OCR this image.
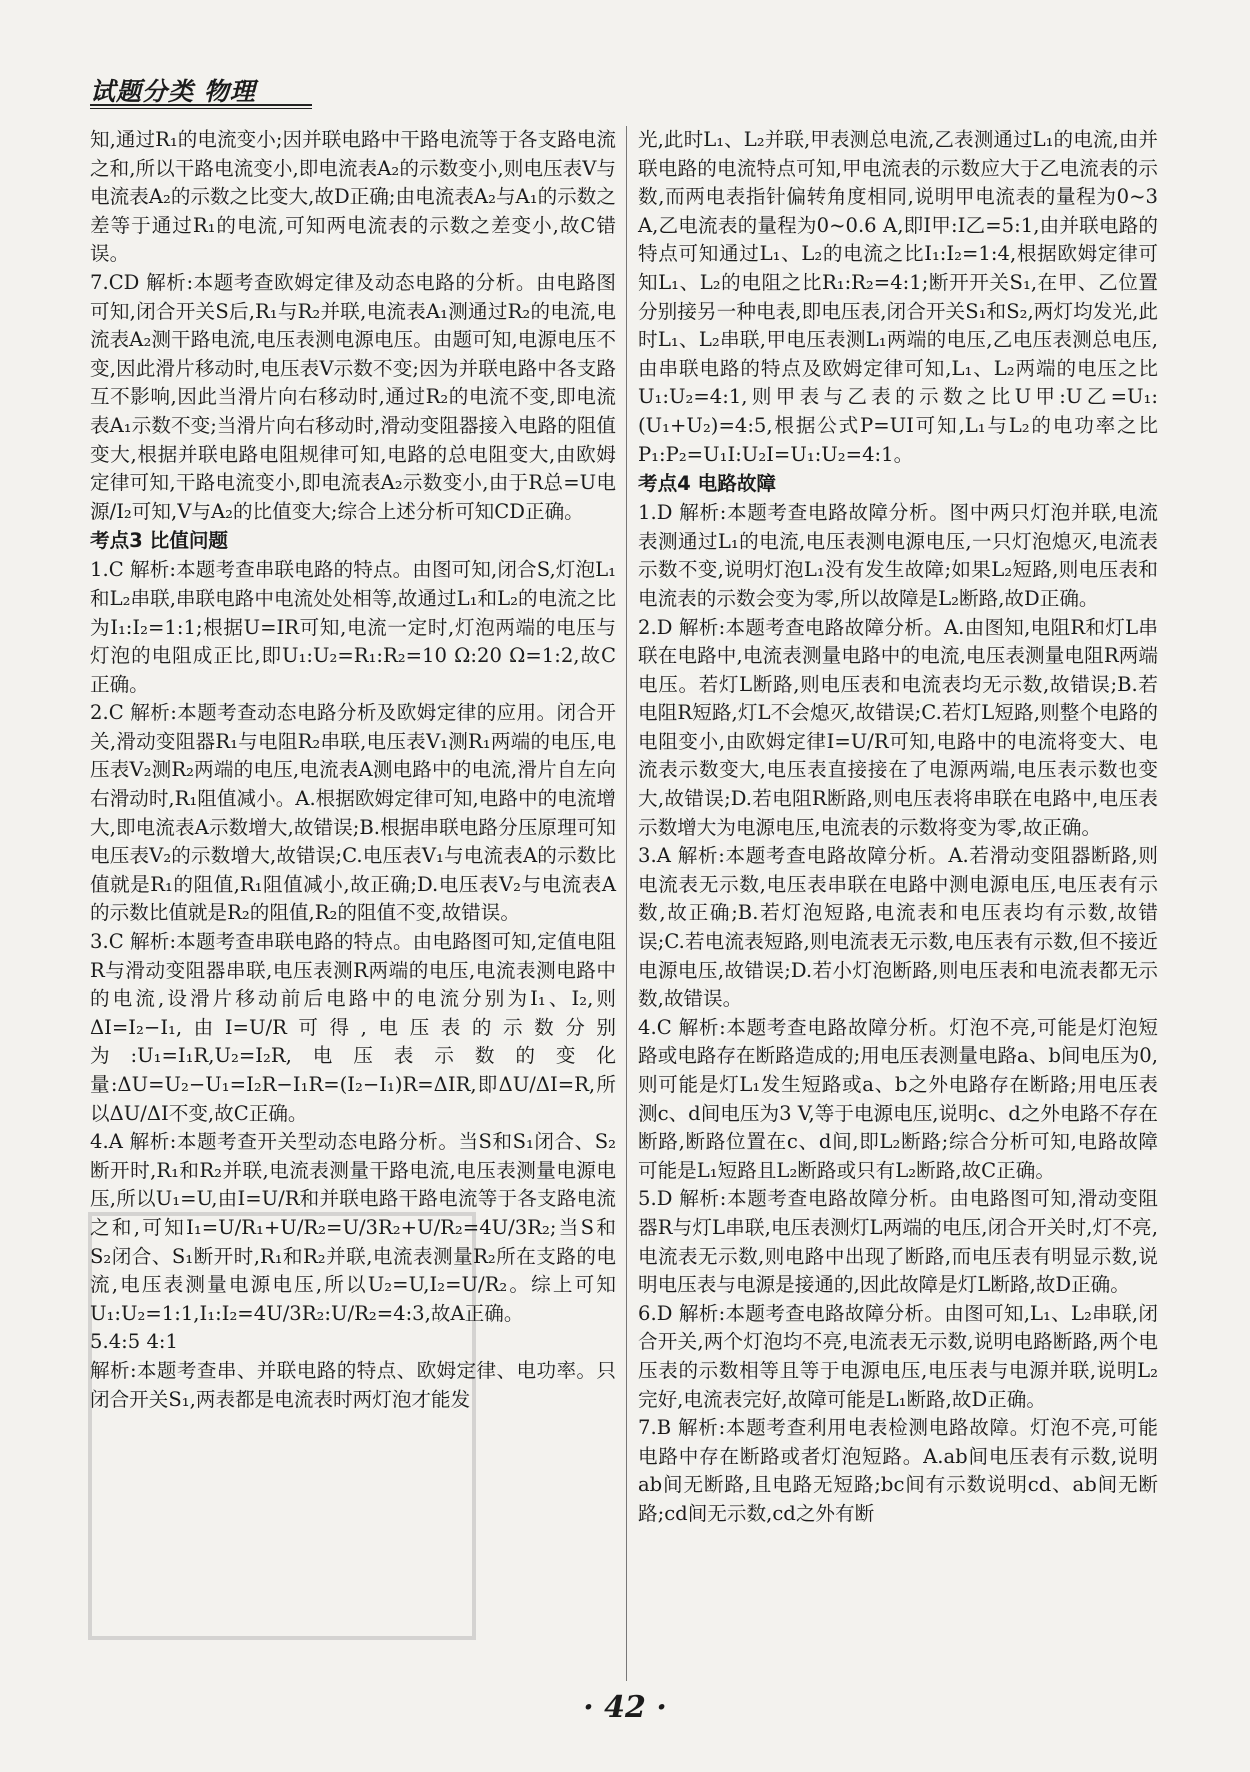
试题分类 物理

知,通过R₁的电流变小;因并联电路中干路电流等于各支路电流之和,所以干路电流变小,即电流表A₂的示数变小,则电压表V与电流表A₂的示数之比变大,故D正确;由电流表A₂与A₁的示数之差等于通过R₁的电流,可知两电流表的示数之差变小,故C错误。

7.CD 解析:本题考查欧姆定律及动态电路的分析。由电路图可知,闭合开关S后,R₁与R₂并联,电流表A₁测通过R₂的电流,电流表A₂测干路电流,电压表测电源电压。由题可知,电源电压不变,因此滑片移动时,电压表V示数不变;因为并联电路中各支路互不影响,因此当滑片向右移动时,通过R₂的电流不变,即电流表A₁示数不变;当滑片向右移动时,滑动变阻器接入电路的阻值变大,根据并联电路电阻规律可知,电路的总电阻变大,由欧姆定律可知,干路电流变小,即电流表A₂示数变小,由于R总=U电源/I₂可知,V与A₂的比值变大;综合上述分析可知CD正确。

考点3 比值问题

1.C 解析:本题考查串联电路的特点。由图可知,闭合S,灯泡L₁和L₂串联,串联电路中电流处处相等,故通过L₁和L₂的电流之比为I₁:I₂=1:1;根据U=IR可知,电流一定时,灯泡两端的电压与灯泡的电阻成正比,即U₁:U₂=R₁:R₂=10 Ω:20 Ω=1:2,故C正确。

2.C 解析:本题考查动态电路分析及欧姆定律的应用。闭合开关,滑动变阻器R₁与电阻R₂串联,电压表V₁测R₁两端的电压,电压表V₂测R₂两端的电压,电流表A测电路中的电流,滑片自左向右滑动时,R₁阻值减小。A.根据欧姆定律可知,电路中的电流增大,即电流表A示数增大,故错误;B.根据串联电路分压原理可知电压表V₂的示数增大,故错误;C.电压表V₁与电流表A的示数比值就是R₁的阻值,R₁阻值减小,故正确;D.电压表V₂与电流表A的示数比值就是R₂的阻值,R₂的阻值不变,故错误。

3.C 解析:本题考查串联电路的特点。由电路图可知,定值电阻R与滑动变阻器串联,电压表测R两端的电压,电流表测电路中的电流,设滑片移动前后电路中的电流分别为I₁、I₂,则ΔI=I₂−I₁,由I=U/R可得,电压表的示数分别为:U₁=I₁R,U₂=I₂R,电压表示数的变化量:ΔU=U₂−U₁=I₂R−I₁R=(I₂−I₁)R=ΔIR,即ΔU/ΔI=R,所以ΔU/ΔI不变,故C正确。

4.A 解析:本题考查开关型动态电路分析。当S和S₁闭合、S₂断开时,R₁和R₂并联,电流表测量干路电流,电压表测量电源电压,所以U₁=U,由I=U/R和并联电路干路电流等于各支路电流之和,可知I₁=U/R₁+U/R₂=U/3R₂+U/R₂=4U/3R₂;当S和S₂闭合、S₁断开时,R₁和R₂并联,电流表测量R₂所在支路的电流,电压表测量电源电压,所以U₂=U,I₂=U/R₂。综上可知U₁:U₂=1:1,I₁:I₂=4U/3R₂:U/R₂=4:3,故A正确。

5.4:5 4:1

解析:本题考查串、并联电路的特点、欧姆定律、电功率。只闭合开关S₁,两表都是电流表时两灯泡才能发

光,此时L₁、L₂并联,甲表测总电流,乙表测通过L₁的电流,由并联电路的电流特点可知,甲电流表的示数应大于乙电流表的示数,而两电表指针偏转角度相同,说明甲电流表的量程为0~3 A,乙电流表的量程为0~0.6 A,即I甲:I乙=5:1,由并联电路的特点可知通过L₁、L₂的电流之比I₁:I₂=1:4,根据欧姆定律可知L₁、L₂的电阻之比R₁:R₂=4:1;断开开关S₁,在甲、乙位置分别接另一种电表,即电压表,闭合开关S₁和S₂,两灯均发光,此时L₁、L₂串联,甲电压表测L₁两端的电压,乙电压表测总电压,由串联电路的特点及欧姆定律可知,L₁、L₂两端的电压之比U₁:U₂=4:1,则甲表与乙表的示数之比U甲:U乙=U₁:(U₁+U₂)=4:5,根据公式P=UI可知,L₁与L₂的电功率之比P₁:P₂=U₁I:U₂I=U₁:U₂=4:1。

考点4 电路故障

1.D 解析:本题考查电路故障分析。图中两只灯泡并联,电流表测通过L₁的电流,电压表测电源电压,一只灯泡熄灭,电流表示数不变,说明灯泡L₁没有发生故障;如果L₂短路,则电压表和电流表的示数会变为零,所以故障是L₂断路,故D正确。

2.D 解析:本题考查电路故障分析。A.由图知,电阻R和灯L串联在电路中,电流表测量电路中的电流,电压表测量电阻R两端电压。若灯L断路,则电压表和电流表均无示数,故错误;B.若电阻R短路,灯L不会熄灭,故错误;C.若灯L短路,则整个电路的电阻变小,由欧姆定律I=U/R可知,电路中的电流将变大、电流表示数变大,电压表直接接在了电源两端,电压表示数也变大,故错误;D.若电阻R断路,则电压表将串联在电路中,电压表示数增大为电源电压,电流表的示数将变为零,故正确。

3.A 解析:本题考查电路故障分析。A.若滑动变阻器断路,则电流表无示数,电压表串联在电路中测电源电压,电压表有示数,故正确;B.若灯泡短路,电流表和电压表均有示数,故错误;C.若电流表短路,则电流表无示数,电压表有示数,但不接近电源电压,故错误;D.若小灯泡断路,则电压表和电流表都无示数,故错误。

4.C 解析:本题考查电路故障分析。灯泡不亮,可能是灯泡短路或电路存在断路造成的;用电压表测量电路a、b间电压为0,则可能是灯L₁发生短路或a、b之外电路存在断路;用电压表测c、d间电压为3 V,等于电源电压,说明c、d之外电路不存在断路,断路位置在c、d间,即L₂断路;综合分析可知,电路故障可能是L₁短路且L₂断路或只有L₂断路,故C正确。

5.D 解析:本题考查电路故障分析。由电路图可知,滑动变阻器R与灯L串联,电压表测灯L两端的电压,闭合开关时,灯不亮,电流表无示数,则电路中出现了断路,而电压表有明显示数,说明电压表与电源是接通的,因此故障是灯L断路,故D正确。

6.D 解析:本题考查电路故障分析。由图可知,L₁、L₂串联,闭合开关,两个灯泡均不亮,电流表无示数,说明电路断路,两个电压表的示数相等且等于电源电压,电压表与电源并联,说明L₂完好,电流表完好,故障可能是L₁断路,故D正确。

7.B 解析:本题考查利用电表检测电路故障。灯泡不亮,可能电路中存在断路或者灯泡短路。A.ab间电压表有示数,说明ab间无断路,且电路无短路;bc间有示数说明cd、ab间无断路;cd间无示数,cd之外有断

· 42 ·
